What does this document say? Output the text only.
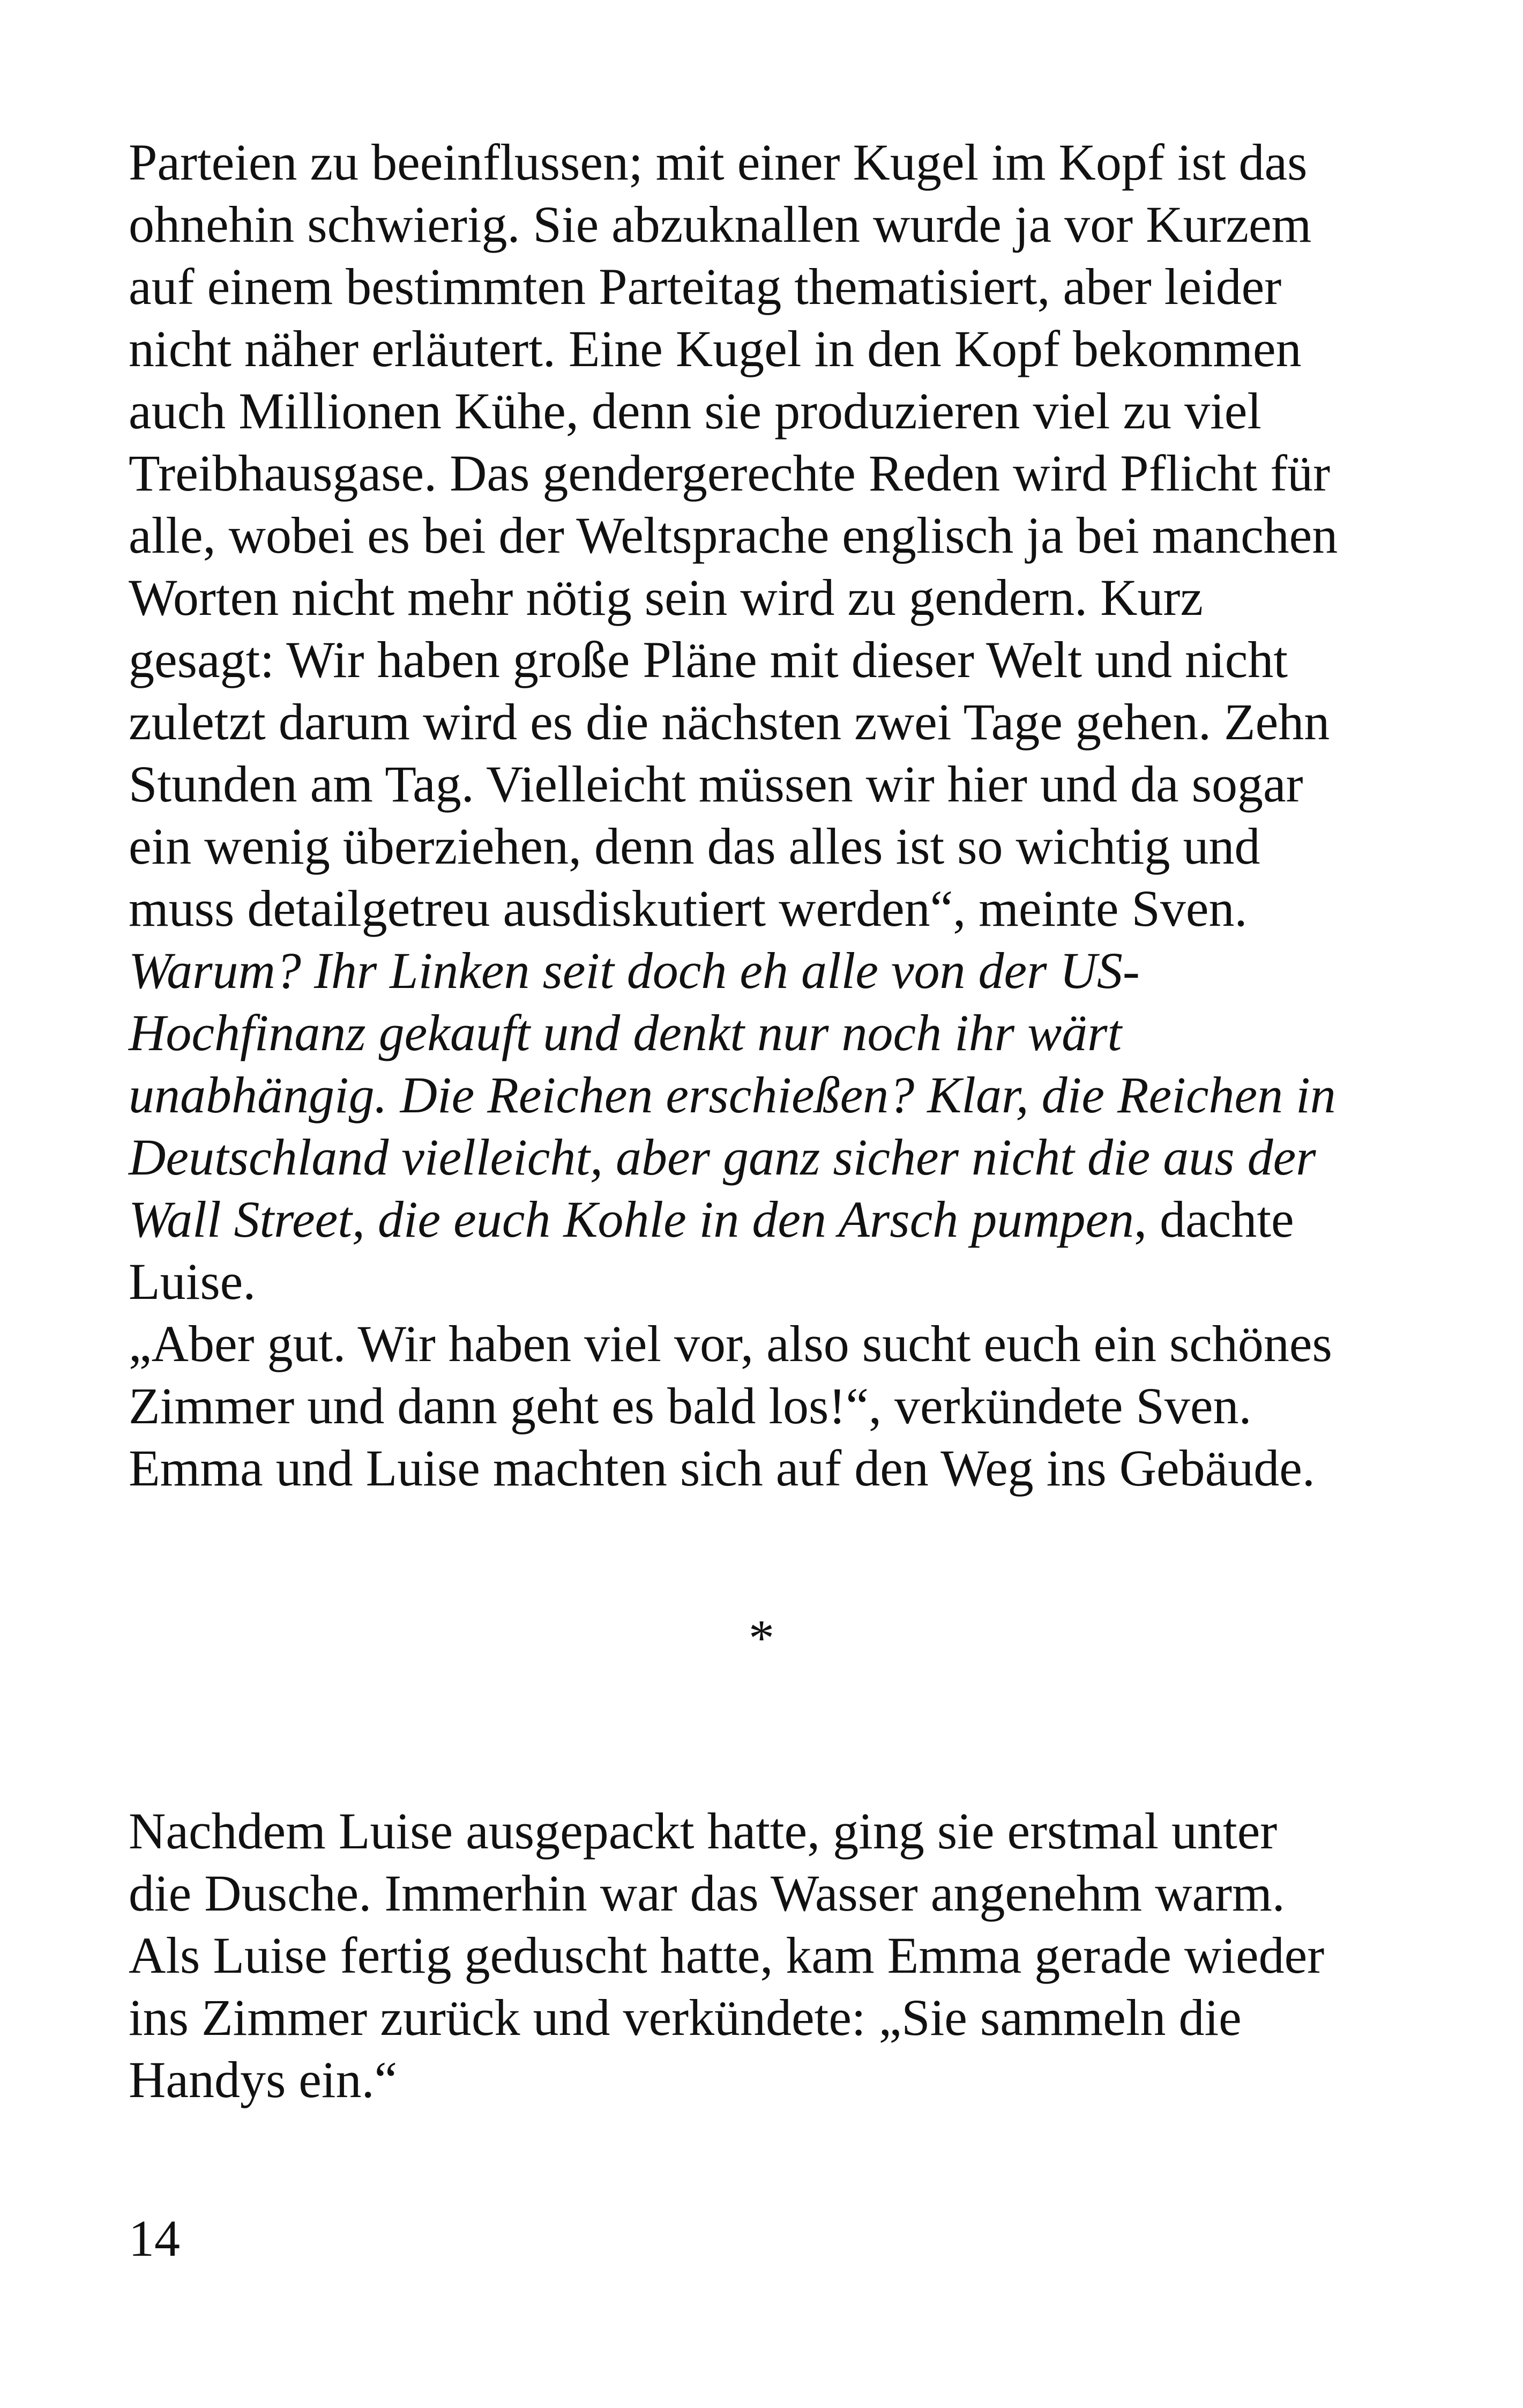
Parteien zu beeinflussen; mit einer Kugel im Kopf ist das
ohnehin schwierig. Sie abzuknallen wurde ja vor Kurzem
auf einem bestimmten Parteitag thematisiert, aber leider
nicht näher erläutert. Eine Kugel in den Kopf bekommen
auch Millionen Kühe, denn sie produzieren viel zu viel
Treibhausgase. Das gendergerechte Reden wird Pflicht für
alle, wobei es bei der Weltsprache englisch ja bei manchen
Worten nicht mehr nötig sein wird zu gendern. Kurz
gesagt: Wir haben große Pläne mit dieser Welt und nicht
zuletzt darum wird es die nächsten zwei Tage gehen. Zehn
Stunden am Tag. Vielleicht müssen wir hier und da sogar
ein wenig überziehen, denn das alles ist so wichtig und
muss detailgetreu ausdiskutiert werden“, meinte Sven.
Warum? Ihr Linken seit doch eh alle von der US-
Hochfinanz gekauft und denkt nur noch ihr wärt
unabhängig. Die Reichen erschießen? Klar, die Reichen in
Deutschland vielleicht, aber ganz sicher nicht die aus der
Wall Street, die euch Kohle in den Arsch pumpen, dachte
Luise.
„Aber gut. Wir haben viel vor, also sucht euch ein schönes
Zimmer und dann geht es bald los!“, verkündete Sven.
Emma und Luise machten sich auf den Weg ins Gebäude.
*
Nachdem Luise ausgepackt hatte, ging sie erstmal unter
die Dusche. Immerhin war das Wasser angenehm warm.
Als Luise fertig geduscht hatte, kam Emma gerade wieder
ins Zimmer zurück und verkündete: „Sie sammeln die
Handys ein.“
14
